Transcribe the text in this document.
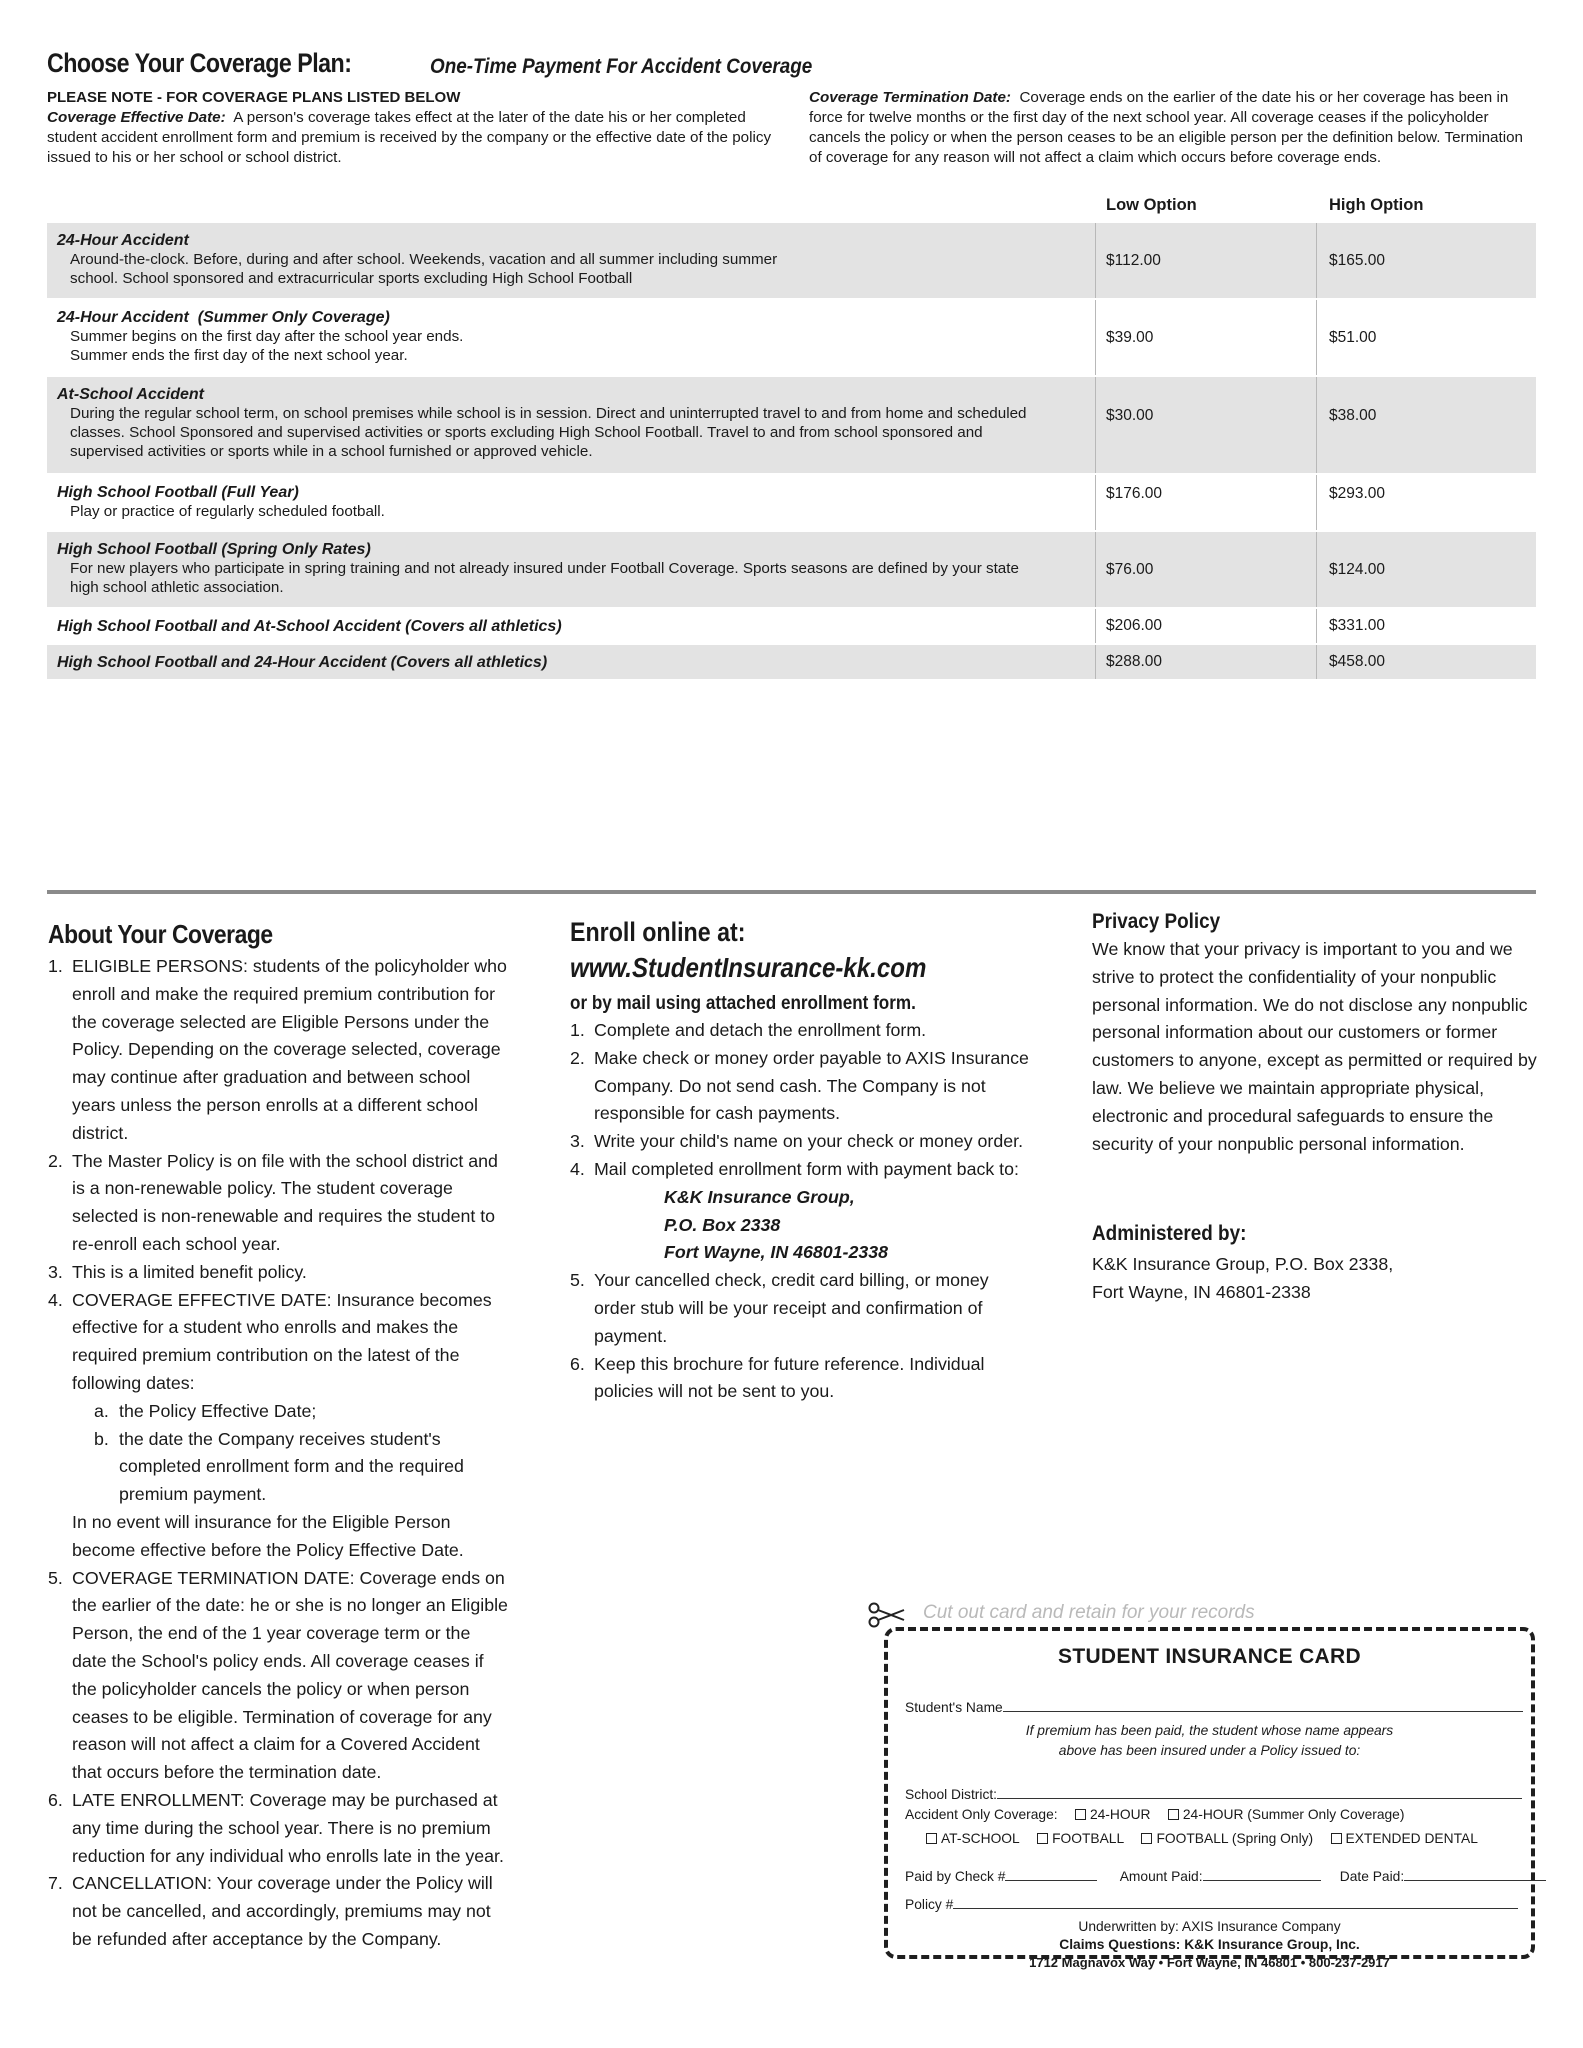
Choose Your Coverage Plan:	One-Time Payment For Accident Coverage
PLEASE NOTE - FOR COVERAGE PLANS LISTED BELOW
Coverage Effective Date: A person's coverage takes effect at the later of the date his or her completed student accident enrollment form and premium is received by the company or the effective date of the policy issued to his or her school or school district.
Coverage Termination Date: Coverage ends on the earlier of the date his or her coverage has been in force for twelve months or the first day of the next school year. All coverage ceases if the policyholder cancels the policy or when the person ceases to be an eligible person per the definition below. Termination of coverage for any reason will not affect a claim which occurs before coverage ends.
Low Option	High Option
24-Hour Accident
Around-the-clock. Before, during and after school. Weekends, vacation and all summer including summer
school. School sponsored and extracurricular sports excluding High School Football
$112.00	$165.00
24-Hour Accident  (Summer Only Coverage)
Summer begins on the first day after the school year ends.
Summer ends the first day of the next school year.
$39.00	$51.00
At-School Accident
During the regular school term, on school premises while school is in session. Direct and uninterrupted travel to and from home and scheduled
classes. School Sponsored and supervised activities or sports excluding High School Football. Travel to and from school sponsored and
supervised activities or sports while in a school furnished or approved vehicle.
$30.00	$38.00
High School Football (Full Year)
Play or practice of regularly scheduled football.
$176.00	$293.00
High School Football (Spring Only Rates)
For new players who participate in spring training and not already insured under Football Coverage. Sports seasons are defined by your state
high school athletic association.
$76.00	$124.00
High School Football and At-School Accident (Covers all athletics)	$206.00	$331.00
High School Football and 24-Hour Accident (Covers all athletics)	$288.00	$458.00
About Your Coverage
1. ELIGIBLE PERSONS: students of the policyholder who enroll and make the required premium contribution for the coverage selected are Eligible Persons under the Policy. Depending on the coverage selected, coverage may continue after graduation and between school years unless the person enrolls at a different school district.
2. The Master Policy is on file with the school district and is a non-renewable policy. The student coverage selected is non-renewable and requires the student to re-enroll each school year.
3. This is a limited benefit policy.
4. COVERAGE EFFECTIVE DATE: Insurance becomes effective for a student who enrolls and makes the required premium contribution on the latest of the following dates:
a. the Policy Effective Date;
b. the date the Company receives student's completed enrollment form and the required premium payment.
In no event will insurance for the Eligible Person become effective before the Policy Effective Date.
5. COVERAGE TERMINATION DATE: Coverage ends on the earlier of the date: he or she is no longer an Eligible Person, the end of the 1 year coverage term or the date the School's policy ends. All coverage ceases if the policyholder cancels the policy or when person ceases to be eligible. Termination of coverage for any reason will not affect a claim for a Covered Accident that occurs before the termination date.
6. LATE ENROLLMENT: Coverage may be purchased at any time during the school year. There is no premium reduction for any individual who enrolls late in the year.
7. CANCELLATION: Your coverage under the Policy will not be cancelled, and accordingly, premiums may not be refunded after acceptance by the Company.
Enroll online at:
www.StudentInsurance-kk.com
or by mail using attached enrollment form.
1. Complete and detach the enrollment form.
2. Make check or money order payable to AXIS Insurance Company. Do not send cash. The Company is not responsible for cash payments.
3. Write your child's name on your check or money order.
4. Mail completed enrollment form with payment back to:
K&K Insurance Group,
P.O. Box 2338
Fort Wayne, IN 46801-2338
5. Your cancelled check, credit card billing, or money order stub will be your receipt and confirmation of payment.
6. Keep this brochure for future reference. Individual policies will not be sent to you.
Privacy Policy

We know that your privacy is important to you and we strive to protect the confidentiality of your nonpublic personal information. We do not disclose any nonpublic personal information about our customers or former customers to anyone, except as permitted or required by law. We believe we maintain appropriate physical, electronic and procedural safeguards to ensure the security of your nonpublic personal information.

Administered by:

K&K Insurance Group, P.O. Box 2338,
Fort Wayne, IN 46801-2338

Cut out card and retain for your records
STUDENT INSURANCE CARD
Student's Name
If premium has been paid, the student whose name appears
above has been insured under a Policy issued to:
School District:
Accident Only Coverage: 24-HOUR 24-HOUR (Summer Only Coverage)
AT-SCHOOL FOOTBALL FOOTBALL (Spring Only) EXTENDED DENTAL
Paid by Check #	Amount Paid:	Date Paid:
Policy #
Underwritten by: AXIS Insurance Company
Claims Questions: K&K Insurance Group, Inc.
1712 Magnavox Way • Fort Wayne, IN 46801 • 800-237-2917
